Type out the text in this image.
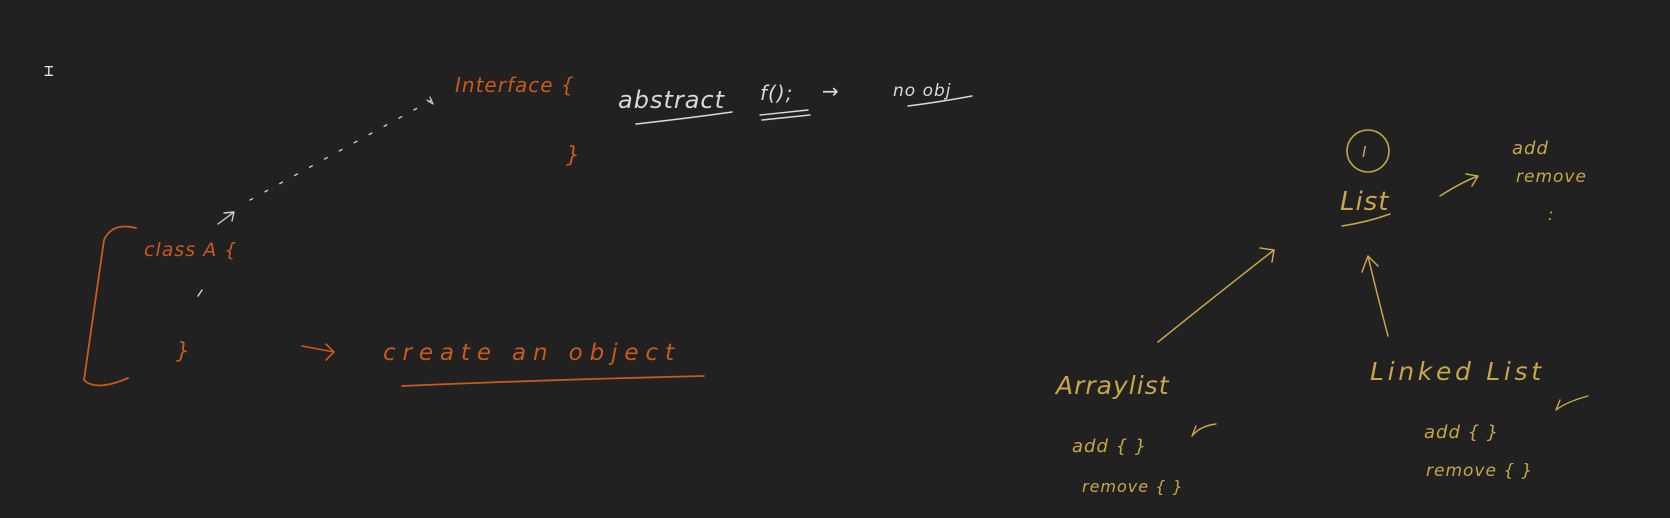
Interface {
}
abstract f(); →	no obj
class A {
}	create an object
I
List
add
remove
:
Arraylist
add { }
remove { }
Linked List
add { }
remove { }
⌶
